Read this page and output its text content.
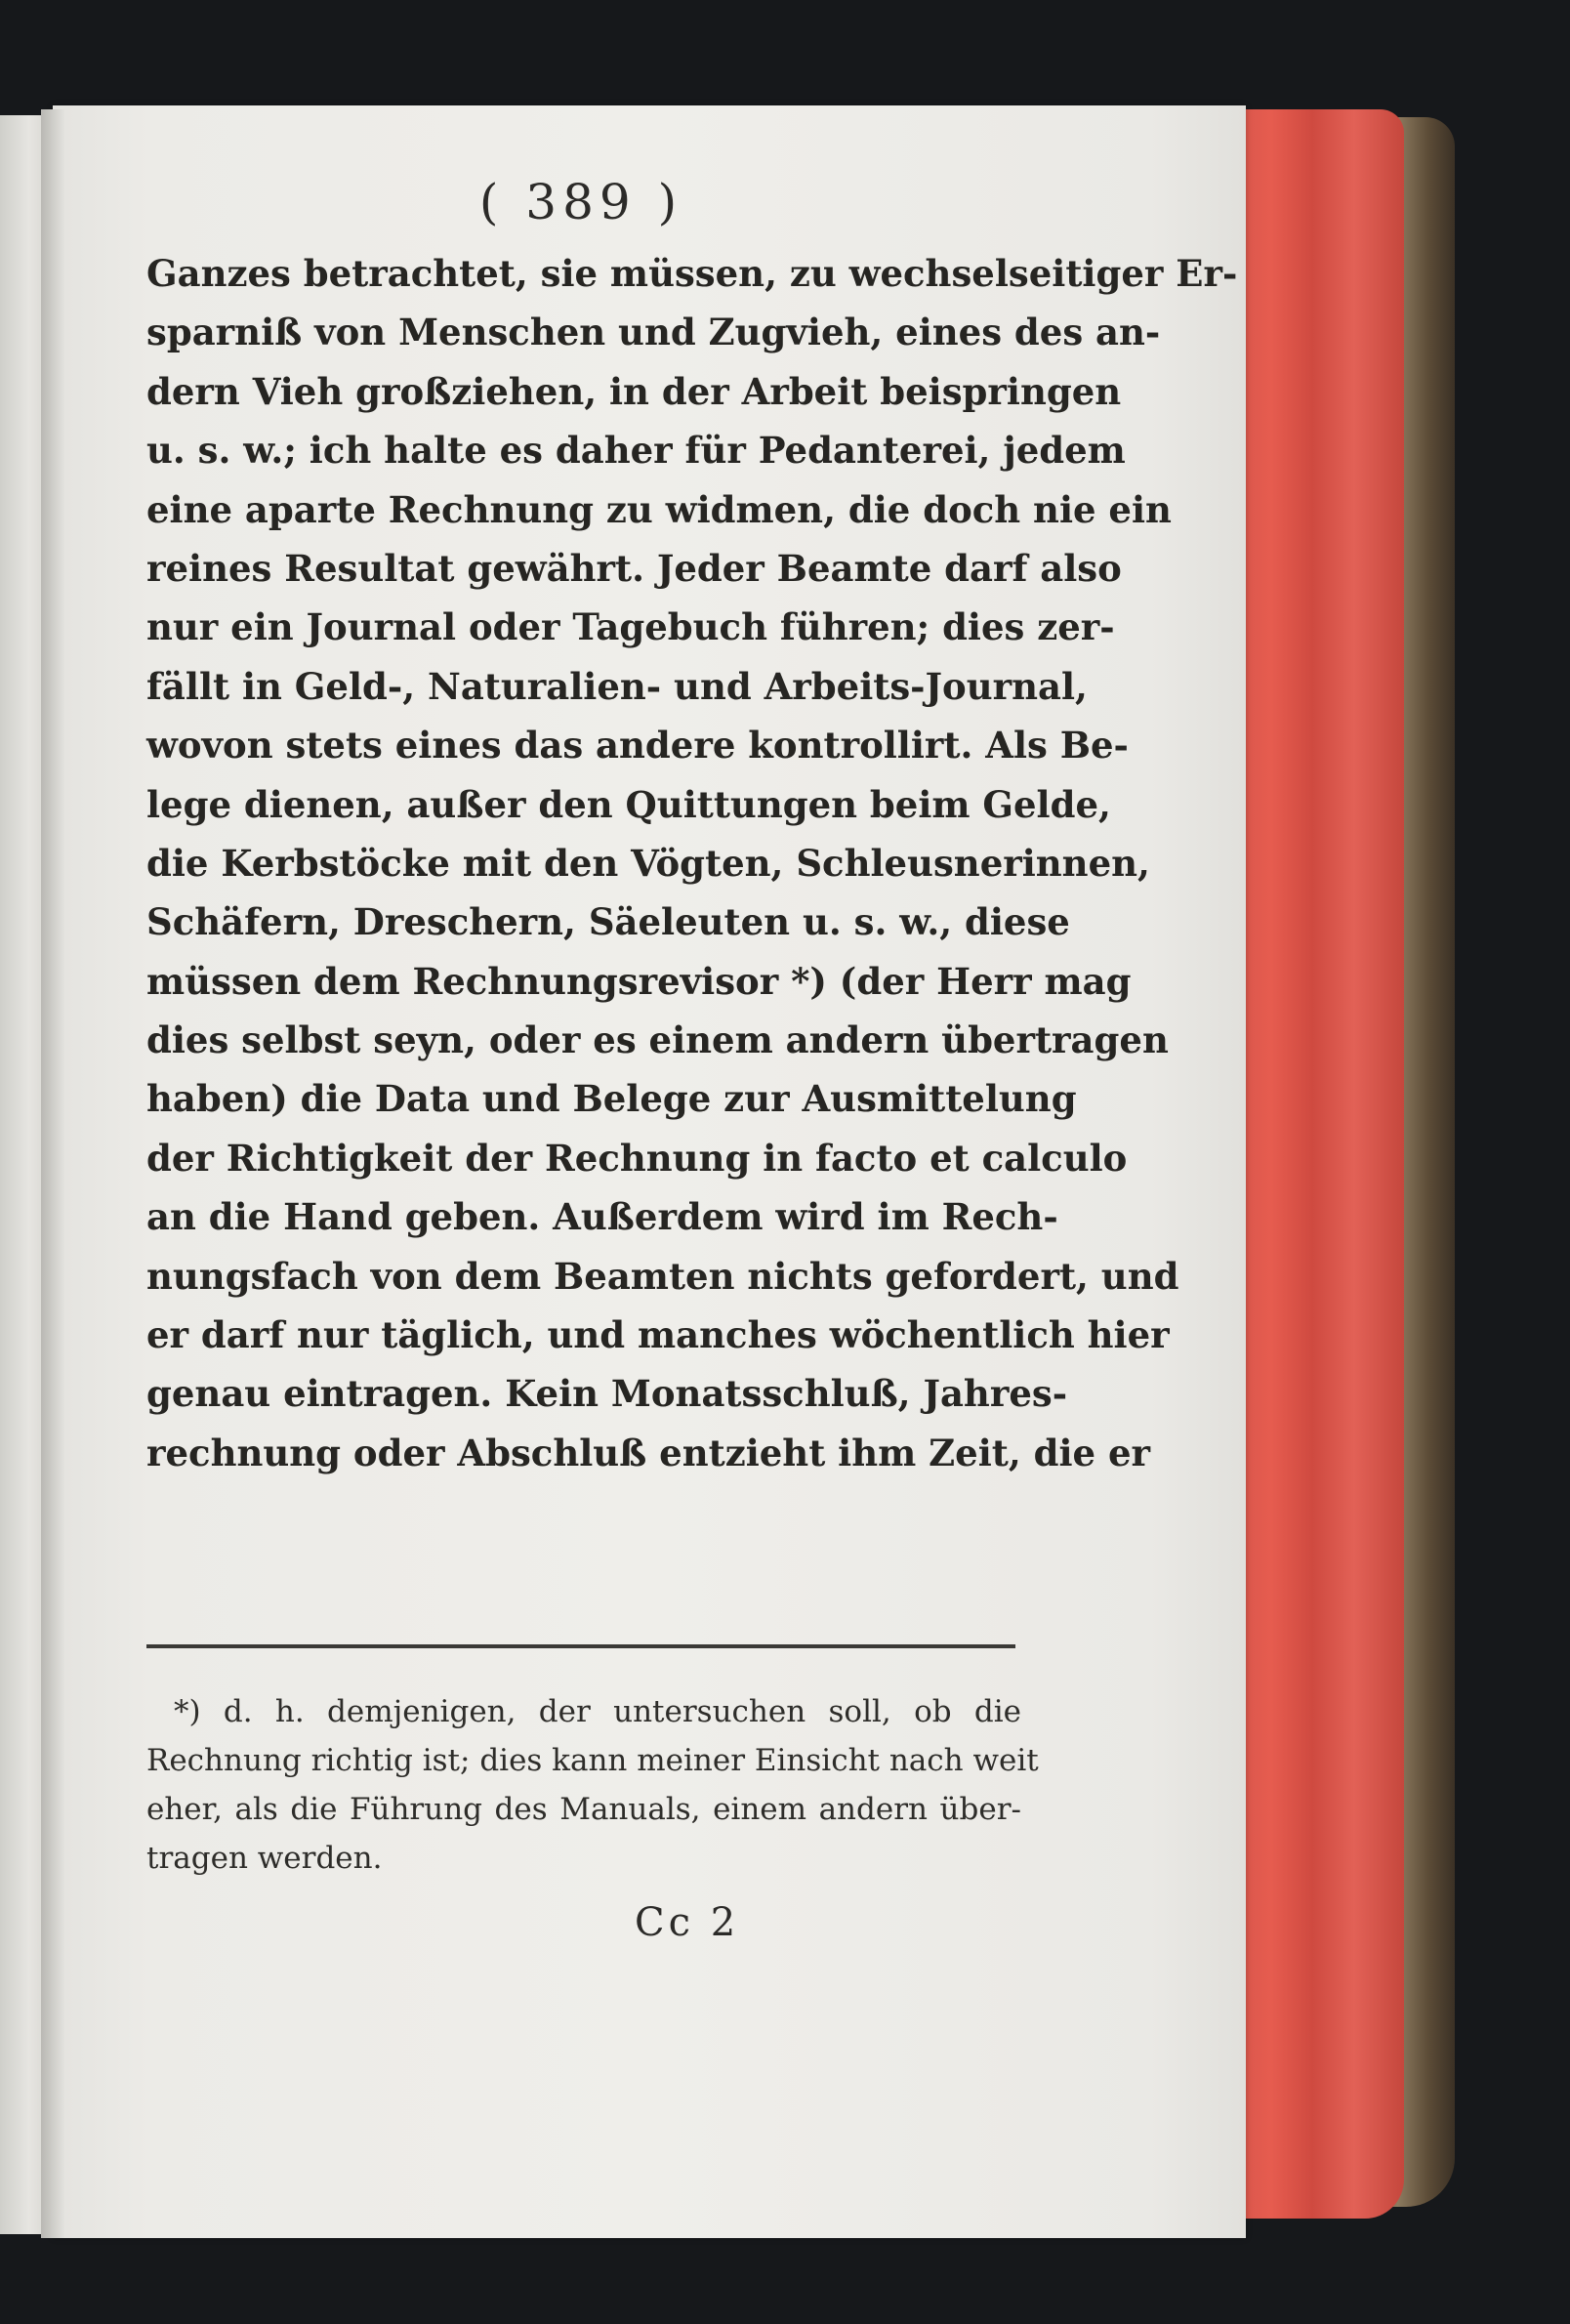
( 389 )
Ganzes betrachtet, sie müssen, zu wechselseitiger Er-
sparniß von Menschen und Zugvieh, eines des an-
dern Vieh großziehen, in der Arbeit beispringen
u. s. w.; ich halte es daher für Pedanterei, jedem
eine aparte Rechnung zu widmen, die doch nie ein
reines Resultat gewährt. Jeder Beamte darf also
nur ein Journal oder Tagebuch führen; dies zer-
fällt in Geld-, Naturalien- und Arbeits-Journal,
wovon stets eines das andere kontrollirt. Als Be-
lege dienen, außer den Quittungen beim Gelde,
die Kerbstöcke mit den Vögten, Schleusnerinnen,
Schäfern, Dreschern, Säeleuten u. s. w., diese
müssen dem Rechnungsrevisor *) (der Herr mag
dies selbst seyn, oder es einem andern übertragen
haben) die Data und Belege zur Ausmittelung
der Richtigkeit der Rechnung in facto et calculo
an die Hand geben. Außerdem wird im Rech-
nungsfach von dem Beamten nichts gefordert, und
er darf nur täglich, und manches wöchentlich hier
genau eintragen. Kein Monatsschluß, Jahres-
rechnung oder Abschluß entzieht ihm Zeit, die er
*) d. h. demjenigen, der untersuchen soll, ob die
Rechnung richtig ist; dies kann meiner Einsicht nach weit
eher, als die Führung des Manuals, einem andern über-
tragen werden.
Cc 2
